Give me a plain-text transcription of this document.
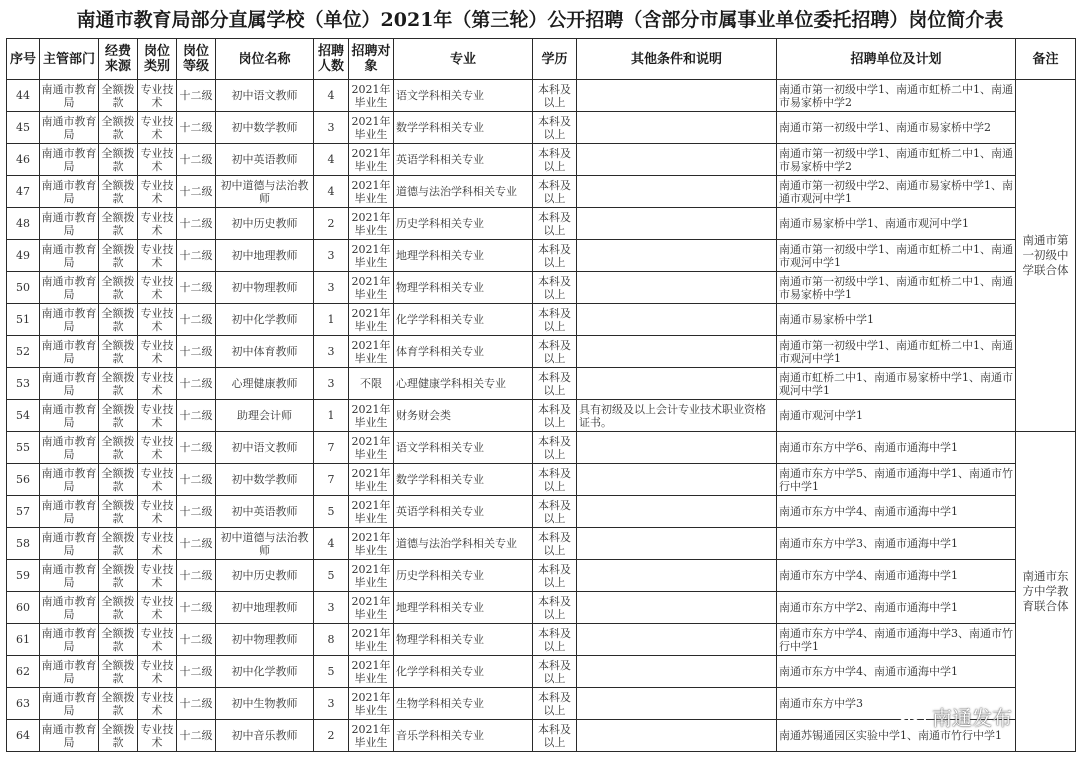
南通市教育局部分直属学校（单位）2021年（第三轮）公开招聘（含部分市属事业单位委托招聘）岗位简介表
序号	主管部门	经费来源	岗位类别	岗位等级	岗位名称	招聘人数	招聘对象	专业	学历	其他条件和说明	招聘单位及计划	备注
44	南通市教育局	全额拨款	专业技术	十二级	初中语文教师	4	2021年毕业生	语文学科相关专业	本科及以上		南通市第一初级中学1、南通市虹桥二中1、南通市易家桥中学2	南通市第一初级中学联合体
45	南通市教育局	全额拨款	专业技术	十二级	初中数学教师	3	2021年毕业生	数学学科相关专业	本科及以上		南通市第一初级中学1、南通市易家桥中学2	
46	南通市教育局	全额拨款	专业技术	十二级	初中英语教师	4	2021年毕业生	英语学科相关专业	本科及以上		南通市第一初级中学1、南通市虹桥二中1、南通市易家桥中学2	
47	南通市教育局	全额拨款	专业技术	十二级	初中道德与法治教师	4	2021年毕业生	道德与法治学科相关专业	本科及以上		南通市第一初级中学2、南通市易家桥中学1、南通市观河中学1	
48	南通市教育局	全额拨款	专业技术	十二级	初中历史教师	2	2021年毕业生	历史学科相关专业	本科及以上		南通市易家桥中学1、南通市观河中学1	
49	南通市教育局	全额拨款	专业技术	十二级	初中地理教师	3	2021年毕业生	地理学科相关专业	本科及以上		南通市第一初级中学1、南通市虹桥二中1、南通市观河中学1	
50	南通市教育局	全额拨款	专业技术	十二级	初中物理教师	3	2021年毕业生	物理学科相关专业	本科及以上		南通市第一初级中学1、南通市虹桥二中1、南通市易家桥中学1	
51	南通市教育局	全额拨款	专业技术	十二级	初中化学教师	1	2021年毕业生	化学学科相关专业	本科及以上		南通市易家桥中学1	
52	南通市教育局	全额拨款	专业技术	十二级	初中体育教师	3	2021年毕业生	体育学科相关专业	本科及以上		南通市第一初级中学1、南通市虹桥二中1、南通市观河中学1	
53	南通市教育局	全额拨款	专业技术	十二级	心理健康教师	3	不限	心理健康学科相关专业	本科及以上		南通市虹桥二中1、南通市易家桥中学1、南通市观河中学1	
54	南通市教育局	全额拨款	专业技术	十二级	助理会计师	1	2021年毕业生	财务财会类	本科及以上	具有初级及以上会计专业技术职业资格证书。	南通市观河中学1	
55	南通市教育局	全额拨款	专业技术	十二级	初中语文教师	7	2021年毕业生	语文学科相关专业	本科及以上		南通市东方中学6、南通市通海中学1	南通市东方中学教育联合体
56	南通市教育局	全额拨款	专业技术	十二级	初中数学教师	7	2021年毕业生	数学学科相关专业	本科及以上		南通市东方中学5、南通市通海中学1、南通市竹行中学1	
57	南通市教育局	全额拨款	专业技术	十二级	初中英语教师	5	2021年毕业生	英语学科相关专业	本科及以上		南通市东方中学4、南通市通海中学1	
58	南通市教育局	全额拨款	专业技术	十二级	初中道德与法治教师	4	2021年毕业生	道德与法治学科相关专业	本科及以上		南通市东方中学3、南通市通海中学1	
59	南通市教育局	全额拨款	专业技术	十二级	初中历史教师	5	2021年毕业生	历史学科相关专业	本科及以上		南通市东方中学4、南通市通海中学1	
60	南通市教育局	全额拨款	专业技术	十二级	初中地理教师	3	2021年毕业生	地理学科相关专业	本科及以上		南通市东方中学2、南通市通海中学1	
61	南通市教育局	全额拨款	专业技术	十二级	初中物理教师	8	2021年毕业生	物理学科相关专业	本科及以上		南通市东方中学4、南通市通海中学3、南通市竹行中学1	
62	南通市教育局	全额拨款	专业技术	十二级	初中化学教师	5	2021年毕业生	化学学科相关专业	本科及以上		南通市东方中学4、南通市通海中学1	
63	南通市教育局	全额拨款	专业技术	十二级	初中生物教师	3	2021年毕业生	生物学科相关专业	本科及以上		南通市东方中学3	
64	南通市教育局	全额拨款	专业技术	十二级	初中音乐教师	2	2021年毕业生	音乐学科相关专业	本科及以上		南通苏锡通园区实验中学1、南通市竹行中学1	
南通发布
